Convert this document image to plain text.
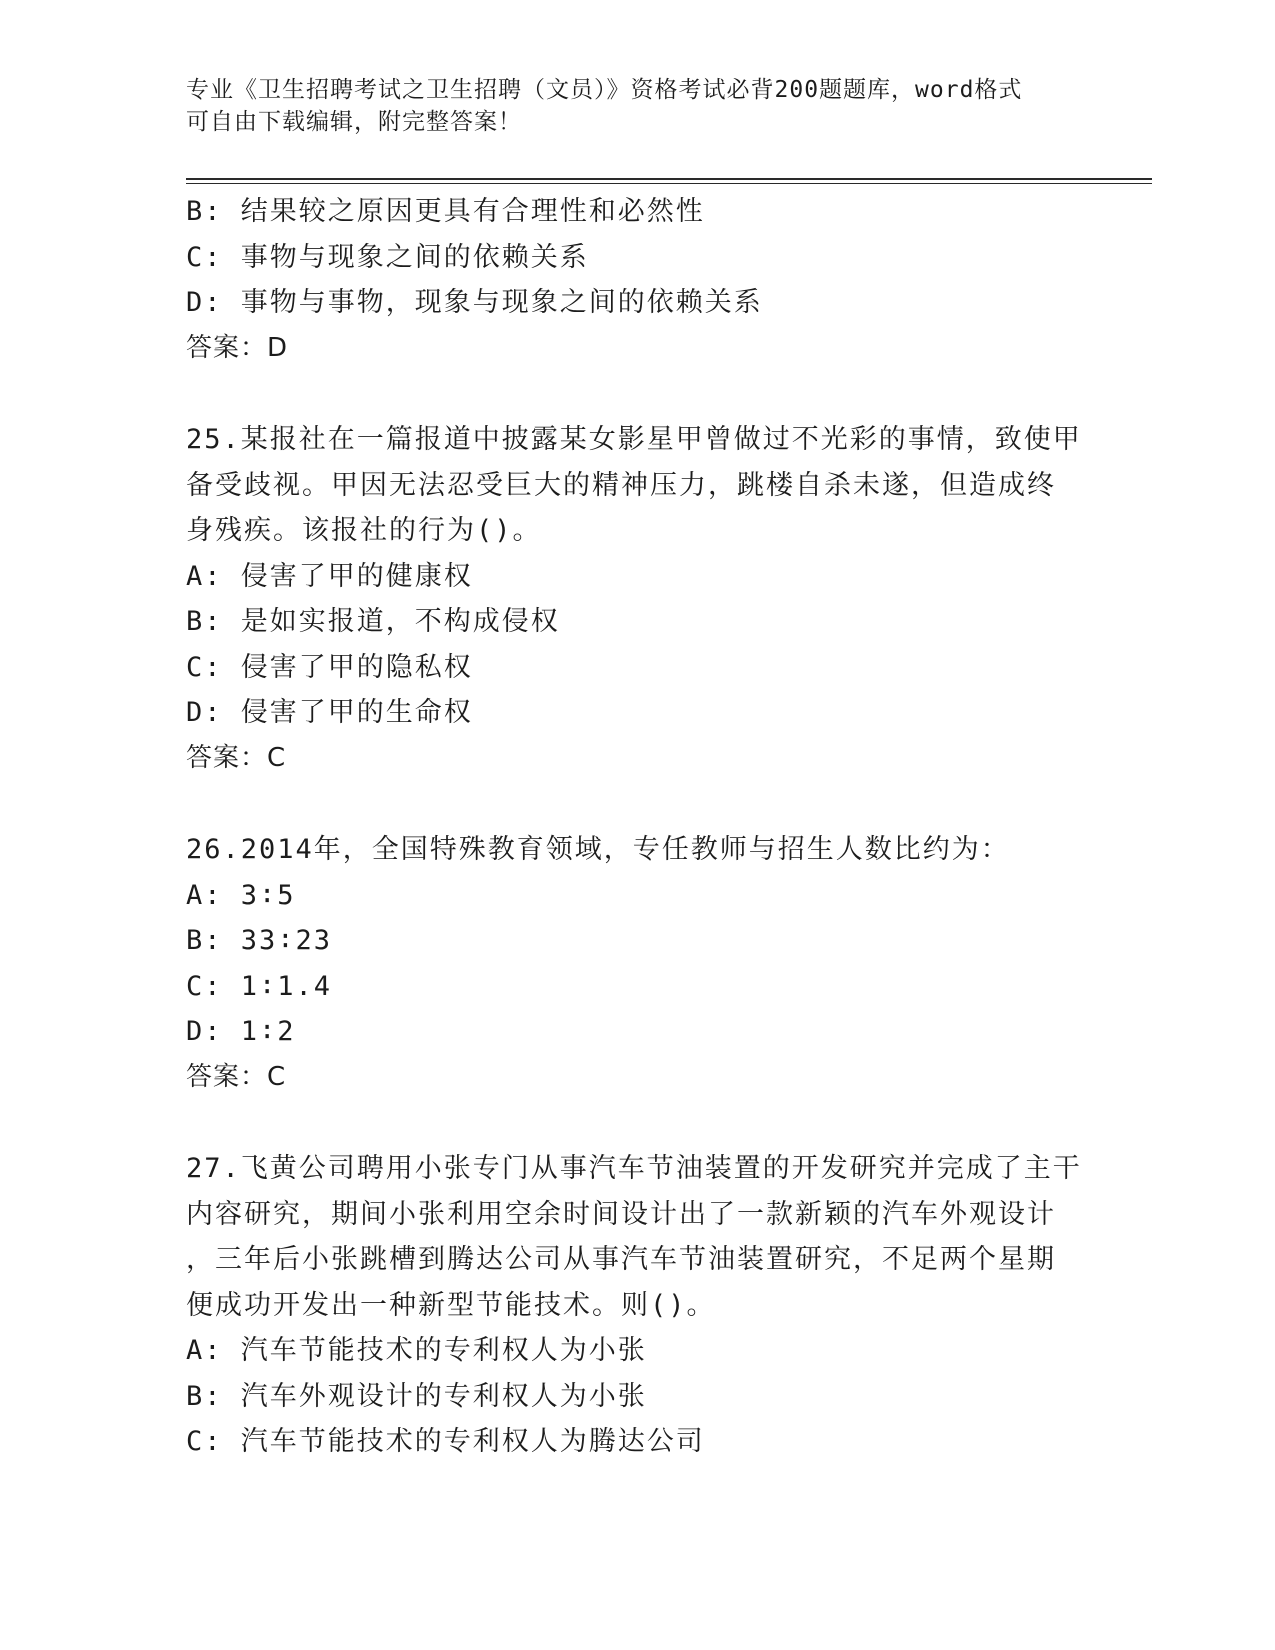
专业《卫生招聘考试之卫生招聘（文员）》资格考试必背200题题库，word格式
可自由下载编辑，附完整答案！
B: 结果较之原因更具有合理性和必然性
C: 事物与现象之间的依赖关系
D: 事物与事物，现象与现象之间的依赖关系
答案：D
25.某报社在一篇报道中披露某女影星甲曾做过不光彩的事情，致使甲
备受歧视。甲因无法忍受巨大的精神压力，跳楼自杀未遂，但造成终
身残疾。该报社的行为()。
A: 侵害了甲的健康权
B: 是如实报道，不构成侵权
C: 侵害了甲的隐私权
D: 侵害了甲的生命权
答案：C
26.2014年，全国特殊教育领域，专任教师与招生人数比约为：
A: 3∶5
B: 33∶23
C: 1∶1.4
D: 1∶2
答案：C
27.飞黄公司聘用小张专门从事汽车节油装置的开发研究并完成了主干
内容研究，期间小张利用空余时间设计出了一款新颖的汽车外观设计
，三年后小张跳槽到腾达公司从事汽车节油装置研究，不足两个星期
便成功开发出一种新型节能技术。则()。
A: 汽车节能技术的专利权人为小张
B: 汽车外观设计的专利权人为小张
C: 汽车节能技术的专利权人为腾达公司
